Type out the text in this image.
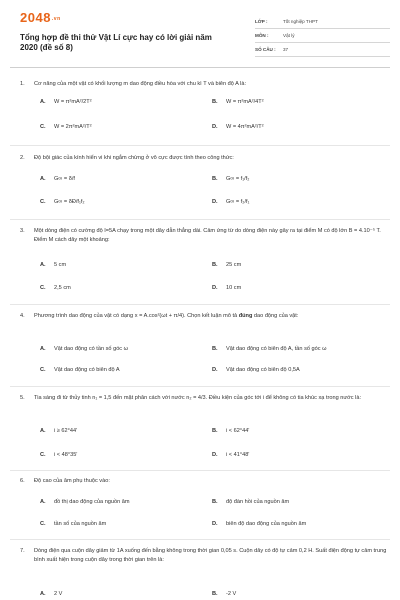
2048.vn
Tổng hợp đề thi thử Vật Lí cực hay có lời giải năm 2020 (đề số 8)
LỚP :	Tốt nghiệp THPT
MÔN :	Vật lý
SỐ CÂU : 37
1. Cơ năng của một vật có khối lượng m dao động điều hòa với chu kì T và biên độ A là:
A. W = π²mA²/2T²	B. W = π²mA²/4T²
C. W = 2π²mA²/T²	D. W = 4π²mA²/T²
2. Độ bội giác của kính hiển vi khi ngắm chừng ở vô cực được tính theo công thức:
A. G∞ = δ/f	B. G∞ = f₁/f₂
C. G∞ = δĐ/f₁f₂	D. G∞ = f₂/f₁
3. Một dòng điện có cường độ I=5A chạy trong một dây dẫn thẳng dài. Cảm ứng từ do dòng điện này gây ra tại điểm M có độ lớn B = 4.10⁻⁵ T. Điểm M cách dây một khoảng:
A. 5 cm	B. 25 cm
C. 2,5 cm	D. 10 cm
4. Phương trình dao động của vật có dạng x = A.cos²(ωt + π/4). Chọn kết luận mô tả đúng dao động của vật:
A. Vật dao động có tần số góc ω	B. Vật dao động có biên độ A, tần số góc ω
C. Vật dao động có biên độ A	D. Vật dao động có biên độ 0,5A
5. Tia sáng đi từ thủy tinh n₁ = 1,5 đến mặt phân cách với nước n₂ = 4/3. Điều kiện của góc tới i để không có tia khúc xạ trong nước là:
A. i ≥ 62°44′	B. i < 62°44′
C. i < 48°35′	D. i < 41°48′
6. Độ cao của âm phụ thuộc vào:
A. đồ thị dao động của nguồn âm	B. độ đàn hồi của nguồn âm
C. tần số của nguồn âm	D. biên độ dao động của nguồn âm
7. Dòng điện qua cuộn dây giảm từ 1A xuống đến bằng không trong thời gian 0,05 s. Cuộn dây có độ tự cảm 0,2 H. Suất điện động tự cảm trung bình xuất hiện trong cuộn dây trong thời gian trên là:
A. 2 V	B. -2 V
